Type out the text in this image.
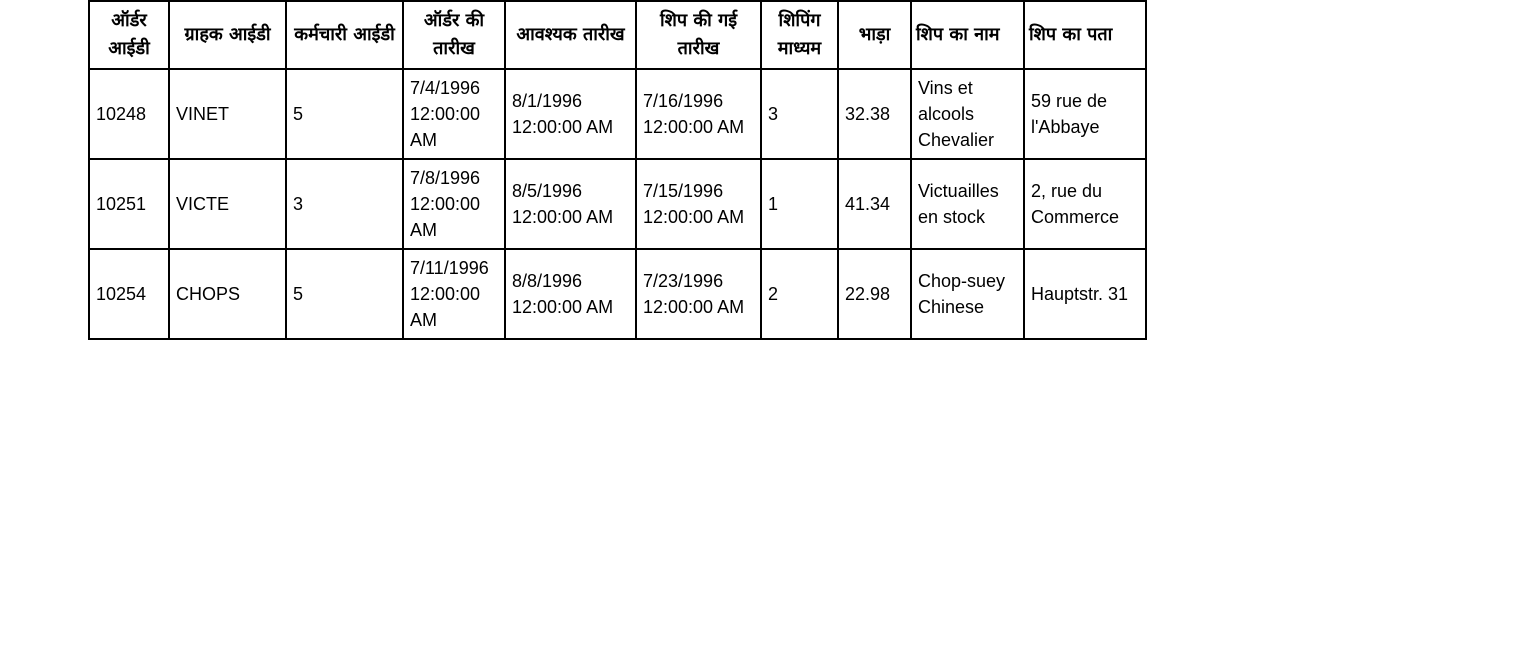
ऑर्डर आईडी	ग्राहक आईडी	कर्मचारी आईडी	ऑर्डर की तारीख	आवश्यक तारीख	शिप की गई तारीख	शिपिंग माध्यम	भाड़ा	शिप का नाम	शिप का पता
10248	VINET	5	7/4/1996 12:00:00 AM	8/1/1996 12:00:00 AM	7/16/1996 12:00:00 AM	3	32.38	Vins et alcools Chevalier	59 rue de l'Abbaye
10251	VICTE	3	7/8/1996 12:00:00 AM	8/5/1996 12:00:00 AM	7/15/1996 12:00:00 AM	1	41.34	Victuailles en stock	2, rue du Commerce
10254	CHOPS	5	7/11/1996 12:00:00 AM	8/8/1996 12:00:00 AM	7/23/1996 12:00:00 AM	2	22.98	Chop-suey Chinese	Hauptstr. 31
